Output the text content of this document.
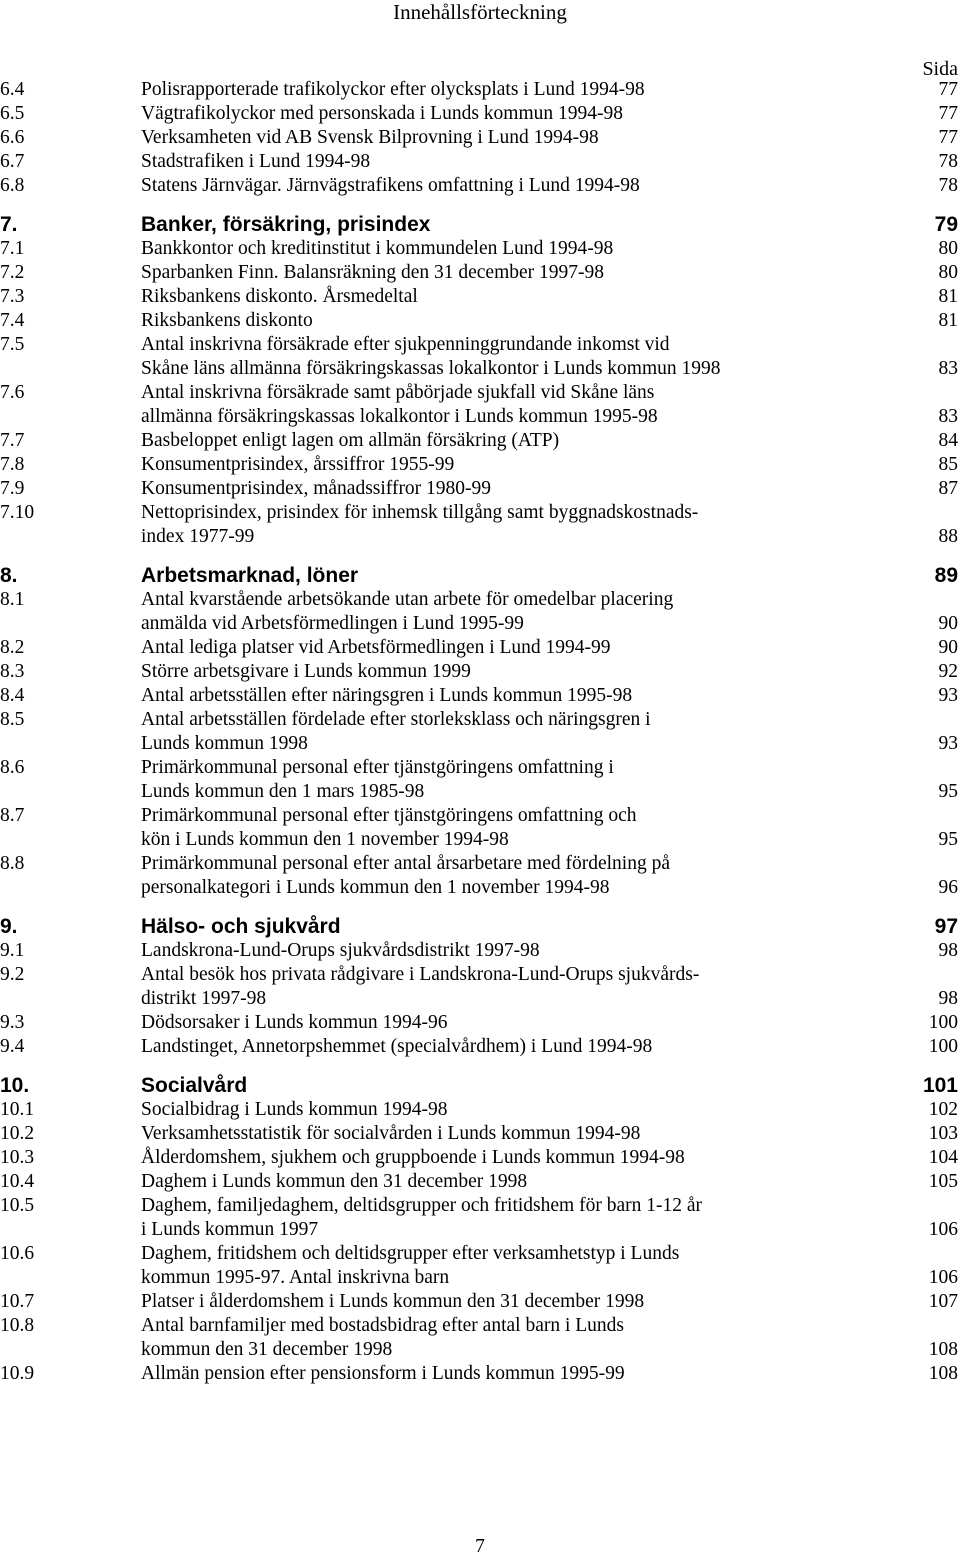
Innehållsförteckning
Sida
6.4	Polisrapporterade trafikolyckor efter olycksplats i Lund 1994-98	77
6.5	Vägtrafikolyckor med personskada i Lunds kommun 1994-98	77
6.6	Verksamheten vid AB Svensk Bilprovning i Lund 1994-98	77
6.7	Stadstrafiken i Lund 1994-98	78
6.8	Statens Järnvägar. Järnvägstrafikens omfattning i Lund 1994-98	78
7.	Banker, försäkring, prisindex	79
7.1	Bankkontor och kreditinstitut i kommundelen Lund 1994-98	80
7.2	Sparbanken Finn. Balansräkning den 31 december 1997-98	80
7.3	Riksbankens diskonto. Årsmedeltal	81
7.4	Riksbankens diskonto	81
7.5	Antal inskrivna försäkrade efter sjukpenninggrundande inkomst vid
Skåne läns allmänna försäkringskassas lokalkontor i Lunds kommun 1998	83
7.6	Antal inskrivna försäkrade samt påbörjade sjukfall vid Skåne läns
allmänna försäkringskassas lokalkontor i Lunds kommun 1995-98	83
7.7	Basbeloppet enligt lagen om allmän försäkring (ATP)	84
7.8	Konsumentprisindex, årssiffror 1955-99	85
7.9	Konsumentprisindex, månadssiffror 1980-99	87
7.10	Nettoprisindex, prisindex för inhemsk tillgång samt byggnadskostnads-
index 1977-99	88
8.	Arbetsmarknad, löner	89
8.1	Antal kvarstående arbetsökande utan arbete för omedelbar placering
anmälda vid Arbetsförmedlingen i Lund 1995-99	90
8.2	Antal lediga platser vid Arbetsförmedlingen i Lund 1994-99	90
8.3	Större arbetsgivare i Lunds kommun 1999	92
8.4	Antal arbetsställen efter näringsgren i Lunds kommun 1995-98	93
8.5	Antal arbetsställen fördelade efter storleksklass och näringsgren i
Lunds kommun 1998	93
8.6	Primärkommunal personal efter tjänstgöringens omfattning i
Lunds kommun den 1 mars 1985-98	95
8.7	Primärkommunal personal efter tjänstgöringens omfattning och
kön i Lunds kommun den 1 november 1994-98	95
8.8	Primärkommunal personal efter antal årsarbetare med fördelning på
personalkategori i Lunds kommun den 1 november 1994-98	96
9.	Hälso- och sjukvård	97
9.1	Landskrona-Lund-Orups sjukvårdsdistrikt 1997-98	98
9.2	Antal besök hos privata rådgivare i Landskrona-Lund-Orups sjukvårds-
distrikt 1997-98	98
9.3	Dödsorsaker i Lunds kommun 1994-96	100
9.4	Landstinget, Annetorpshemmet (specialvårdhem) i Lund 1994-98	100
10.	Socialvård	101
10.1	Socialbidrag i Lunds kommun 1994-98	102
10.2	Verksamhetsstatistik för socialvården i Lunds kommun 1994-98	103
10.3	Ålderdomshem, sjukhem och gruppboende i Lunds kommun 1994-98	104
10.4	Daghem i Lunds kommun den 31 december 1998	105
10.5	Daghem, familjedaghem, deltidsgrupper och fritidshem för barn 1-12 år
i Lunds kommun 1997	106
10.6	Daghem, fritidshem och deltidsgrupper efter verksamhetstyp i Lunds
kommun 1995-97. Antal inskrivna barn	106
10.7	Platser i ålderdomshem i Lunds kommun den 31 december 1998	107
10.8	Antal barnfamiljer med bostadsbidrag efter antal barn i Lunds
kommun den 31 december 1998	108
10.9	Allmän pension efter pensionsform i Lunds kommun 1995-99	108
7
